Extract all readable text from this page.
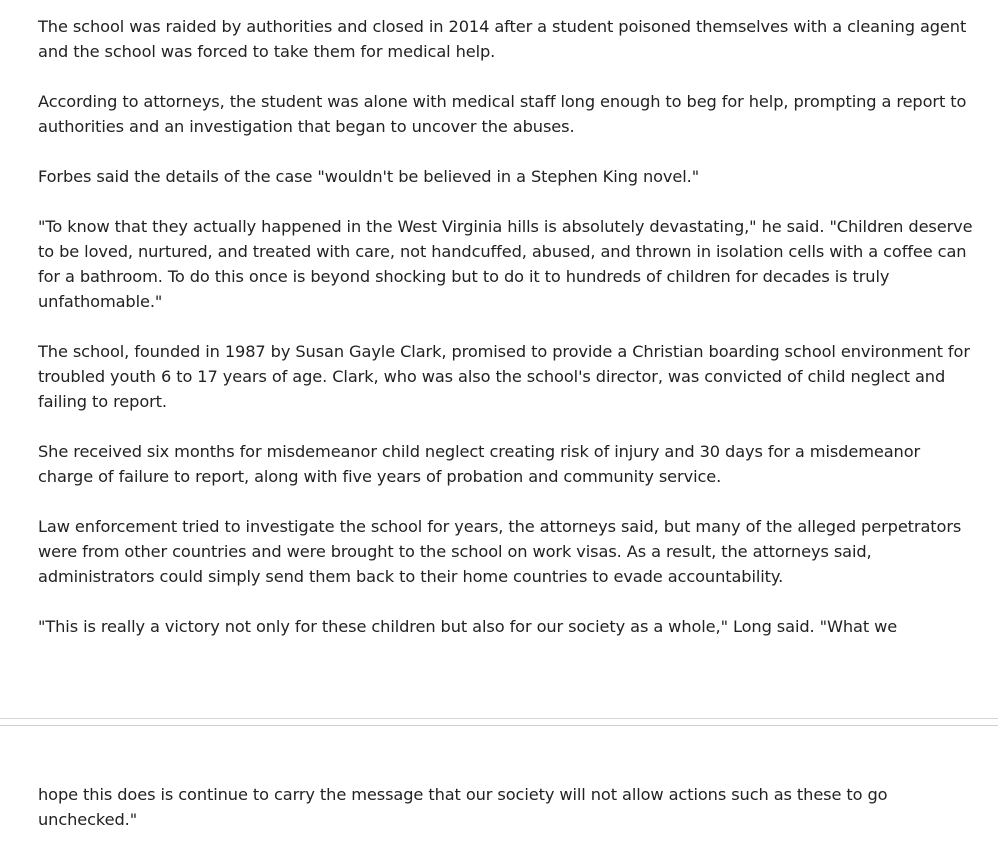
The school was raided by authorities and closed in 2014 after a student poisoned themselves with a cleaning agent and the school was forced to take them for medical help.

According to attorneys, the student was alone with medical staff long enough to beg for help, prompting a report to authorities and an investigation that began to uncover the abuses.

Forbes said the details of the case "wouldn't be believed in a Stephen King novel."

"To know that they actually happened in the West Virginia hills is absolutely devastating," he said. "Children deserve to be loved, nurtured, and treated with care, not handcuffed, abused, and thrown in isolation cells with a coffee can for a bathroom. To do this once is beyond shocking but to do it to hundreds of children for decades is truly unfathomable."

The school, founded in 1987 by Susan Gayle Clark, promised to provide a Christian boarding school environment for troubled youth 6 to 17 years of age. Clark, who was also the school's director, was convicted of child neglect and failing to report.

She received six months for misdemeanor child neglect creating risk of injury and 30 days for a misdemeanor charge of failure to report, along with five years of probation and community service.

Law enforcement tried to investigate the school for years, the attorneys said, but many of the alleged perpetrators were from other countries and were brought to the school on work visas. As a result, the attorneys said, administrators could simply send them back to their home countries to evade accountability.

"This is really a victory not only for these children but also for our society as a whole," Long said. "What we

hope this does is continue to carry the message that our society will not allow actions such as these to go unchecked."
